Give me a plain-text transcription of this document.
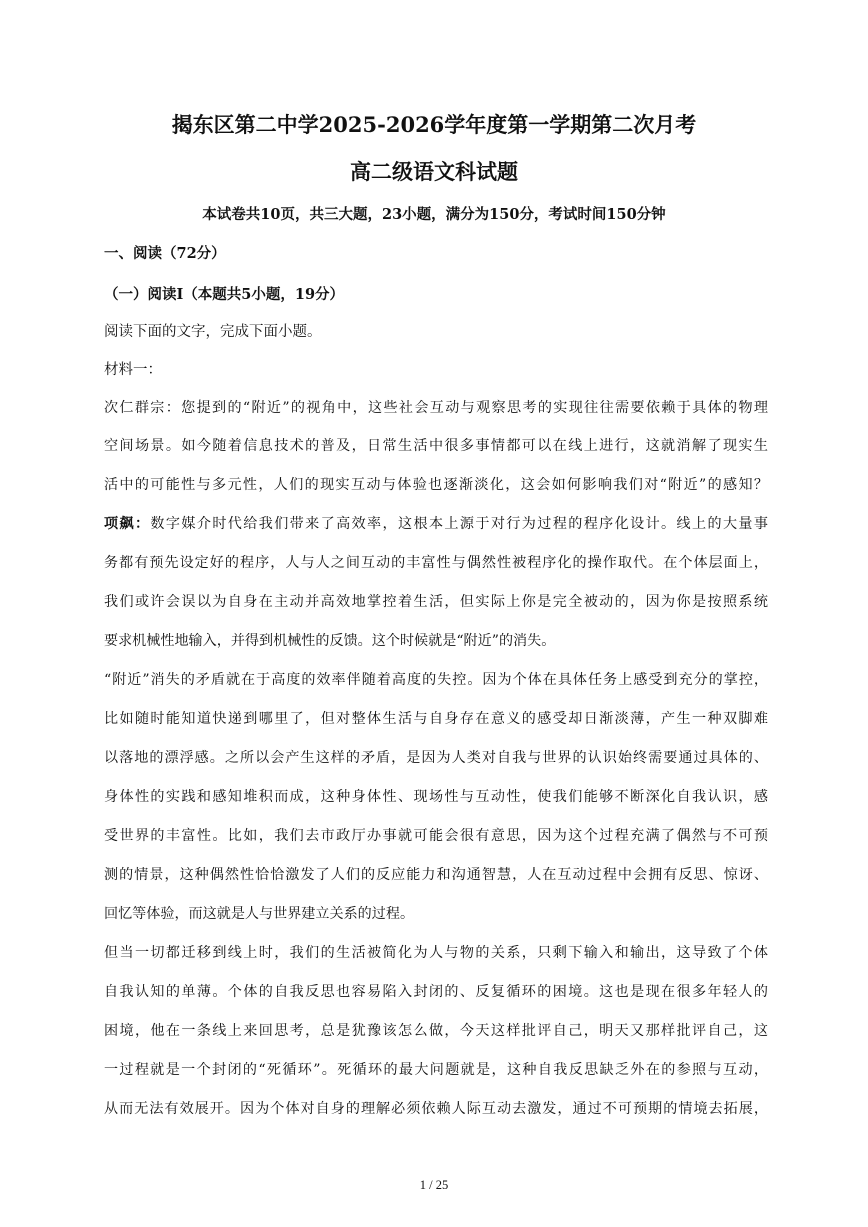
揭东区第二中学2025-2026学年度第一学期第二次月考
高二级语文科试题
本试卷共10页，共三大题，23小题，满分为150分，考试时间150分钟
一、阅读（72分）
（一）阅读I（本题共5小题，19分）
阅读下面的文字，完成下面小题。
材料一：
次仁群宗：您提到的“附近”的视角中，这些社会互动与观察思考的实现往往需要依赖于具体的物理
空间场景。如今随着信息技术的普及，日常生活中很多事情都可以在线上进行，这就消解了现实生
活中的可能性与多元性，人们的现实互动与体验也逐渐淡化，这会如何影响我们对“附近”的感知？
项飙：数字媒介时代给我们带来了高效率，这根本上源于对行为过程的程序化设计。线上的大量事
务都有预先设定好的程序，人与人之间互动的丰富性与偶然性被程序化的操作取代。在个体层面上，
我们或许会误以为自身在主动并高效地掌控着生活，但实际上你是完全被动的，因为你是按照系统
要求机械性地输入，并得到机械性的反馈。这个时候就是“附近”的消失。
“附近”消失的矛盾就在于高度的效率伴随着高度的失控。因为个体在具体任务上感受到充分的掌控，
比如随时能知道快递到哪里了，但对整体生活与自身存在意义的感受却日渐淡薄，产生一种双脚难
以落地的漂浮感。之所以会产生这样的矛盾，是因为人类对自我与世界的认识始终需要通过具体的、
身体性的实践和感知堆积而成，这种身体性、现场性与互动性，使我们能够不断深化自我认识，感
受世界的丰富性。比如，我们去市政厅办事就可能会很有意思，因为这个过程充满了偶然与不可预
测的情景，这种偶然性恰恰激发了人们的反应能力和沟通智慧，人在互动过程中会拥有反思、惊讶、
回忆等体验，而这就是人与世界建立关系的过程。
但当一切都迁移到线上时，我们的生活被简化为人与物的关系，只剩下输入和输出，这导致了个体
自我认知的单薄。个体的自我反思也容易陷入封闭的、反复循环的困境。这也是现在很多年轻人的
困境，他在一条线上来回思考，总是犹豫该怎么做，今天这样批评自己，明天又那样批评自己，这
一过程就是一个封闭的“死循环”。死循环的最大问题就是，这种自我反思缺乏外在的参照与互动，
从而无法有效展开。因为个体对自身的理解必须依赖人际互动去激发，通过不可预期的情境去拓展，
1 / 25
